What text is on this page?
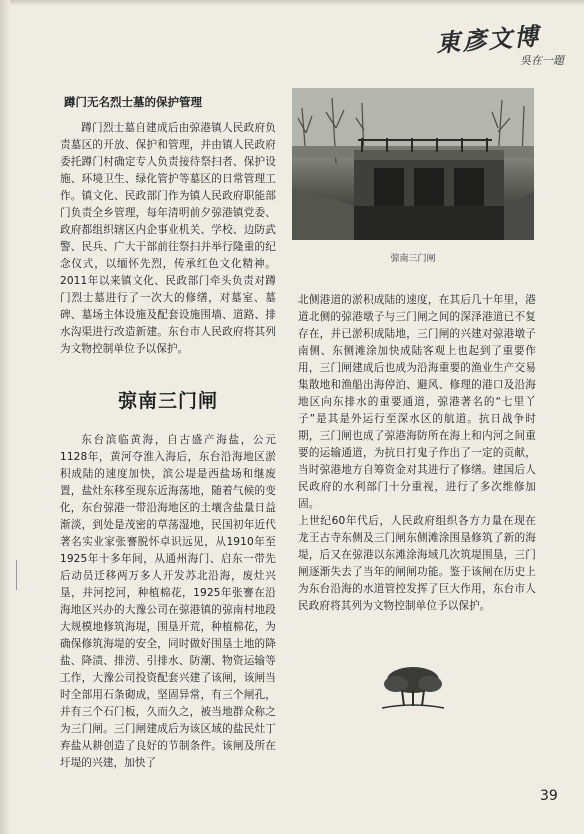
東彥文博
吳在一題
蹲门无名烈士墓的保护管理

蹲门烈士墓自建成后由弶港镇人民政府负责墓区的开放、保护和管理，并由镇人民政府委托蹲门村确定专人负责接待祭扫者、保护设施、环境卫生、绿化管护等墓区的日常管理工作。镇文化、民政部门作为镇人民政府职能部门负责全乡管理，每年清明前夕弶港镇党委、政府都组织辖区内企事业机关、学校、边防武警、民兵、广大干部前往祭扫并举行隆重的纪念仪式，以缅怀先烈，传承红色文化精神。2011年以来镇文化、民政部门牵头负责对蹲门烈士墓进行了一次大的修缮，对墓室、墓碑、墓场主体设施及配套设施围墙、道路、排水沟渠进行改造新建。东台市人民政府将其列为文物控制单位予以保护。

弶南三门闸

东台滨临黄海，自古盛产海盐，公元1128年，黄河夺淮入海后，东台沿海地区淤积成陆的速度加快，滨公堤是西盐场和继废置，盐灶东移至现东近海荡地，随着气候的变化，东台弶港一带沿海地区的土壤含盐量日益渐淡，到处是茂密的草荡湿地，民国初年近代著名实业家张謇脱怀卓识远见，从1910年至1925年十多年间，从通州海门、启东一带先后动员迁移两万多人开发苏北沿海，废灶兴垦，并河挖河，种植棉花，1925年张謇在沿海地区兴办的大豫公司在弶港镇的弶南村地段大规模地修筑海堤，围垦开荒，种植棉花，为确保修筑海堤的安全，同时做好围垦土地的降盐、降渍、排涝、引排水、防潮、物资运输等工作，大豫公司投资配套兴建了该闸，该闸当时全部用石条砌成，坚固异常，有三个闸孔，并有三个石门板，久而久之，被当地群众称之为三门闸。三门闸建成后为该区域的盐民灶丁弃盐从耕创造了良好的节制条件。该闸及所在圩堤的兴建，加快了

弶南三门闸

北侧港道的淤积成陆的速度，在其后几十年里，港道北侧的弶港墩子与三门闸之间的深泽港道已不复存在，并已淤积成陆地，三门闸的兴建对弶港墩子南侧、东侧滩涂加快成陆客观上也起到了重要作用，三门闸建成后也成为沿海重要的渔业生产交易集散地和渔船出海停泊、避风、修理的港口及沿海地区向东排水的重要通道，弶港著名的“七里丫子”是其是外运行至深水区的航道。抗日战争时期，三门闸也成了弶港海防所在海上和内河之间重要的运输通道，为抗日打鬼子作出了一定的贡献，当时弶港地方自筹资金对其进行了修缮。建国后人民政府的水利部门十分重视，进行了多次维修加固。

上世纪60年代后，人民政府组织各方力量在现在龙王古寺东侧及三门闸东侧滩涂围垦修筑了新的海堤，后又在弶港以东滩涂海域几次筑堤围垦，三门闸逐渐失去了当年的闸闸功能。鉴于该闸在历史上为东台沿海的水道管控发挥了巨大作用，东台市人民政府将其列为文物控制单位予以保护。

39
